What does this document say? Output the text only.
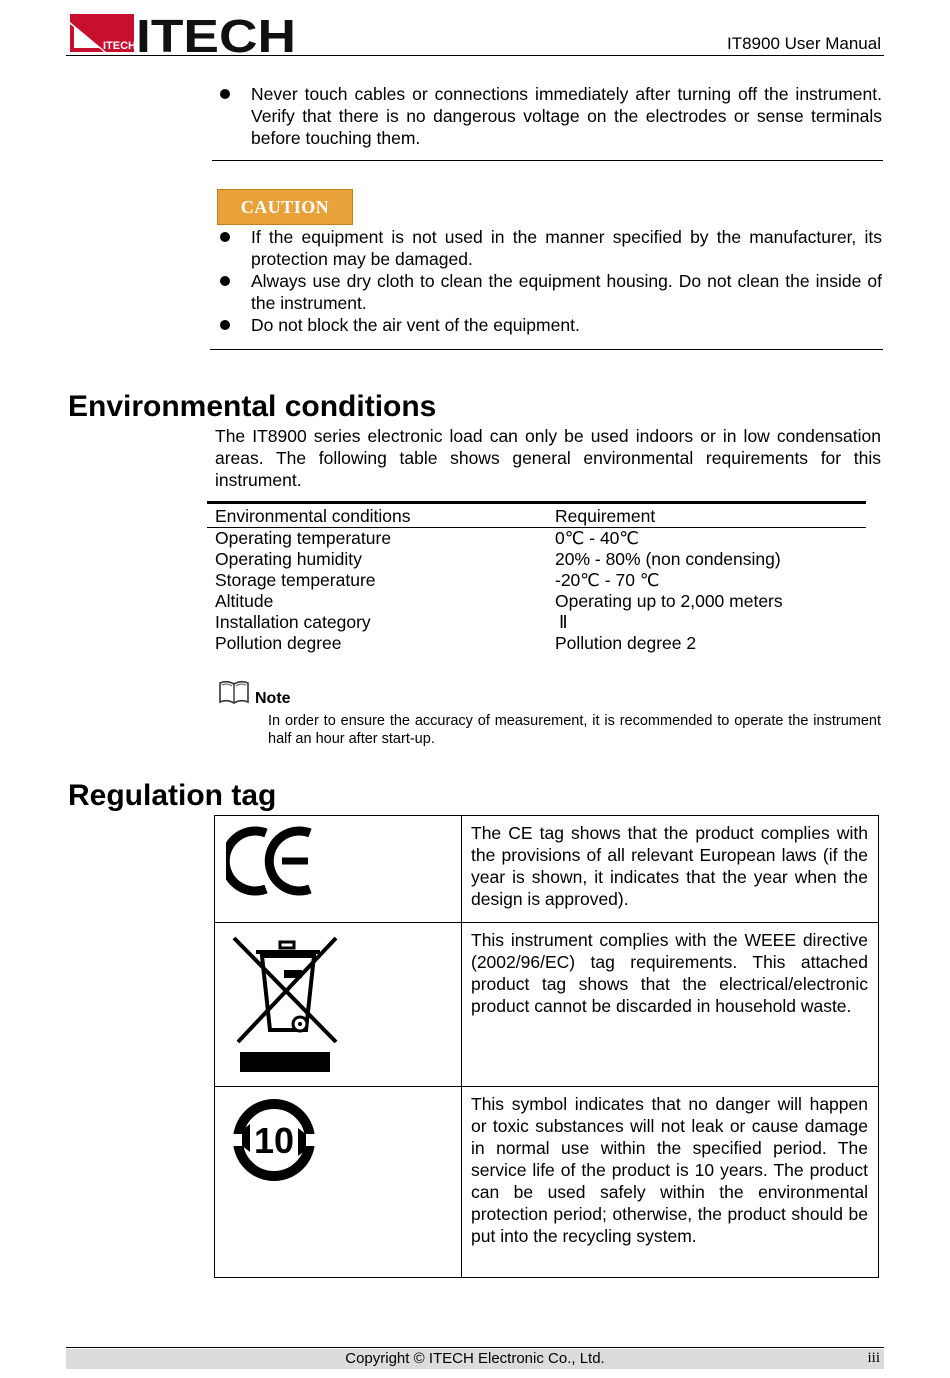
ITECH ITECH	IT8900 User Manual
Never touch cables or connections immediately after turning off the instrument. Verify that there is no dangerous voltage on the electrodes or sense terminals before touching them.
CAUTION
If the equipment is not used in the manner specified by the manufacturer, its protection may be damaged.
Always use dry cloth to clean the equipment housing. Do not clean the inside of the instrument.
Do not block the air vent of the equipment.
Environmental conditions
The IT8900 series electronic load can only be used indoors or in low condensation areas. The following table shows general environmental requirements for this instrument.
Environmental conditions	Requirement
Operating temperature	0℃ - 40℃
Operating humidity	20% - 80% (non condensing)
Storage temperature	-20℃ - 70 ℃
Altitude	Operating up to 2,000 meters
Installation category	Ⅱ
Pollution degree	Pollution degree 2
Note
In order to ensure the accuracy of measurement, it is recommended to operate the instrument half an hour after start-up.
Regulation tag
	The CE tag shows that the product complies with the provisions of all relevant European laws (if the year is shown, it indicates that the year when the design is approved).
	This instrument complies with the WEEE directive (2002/96/EC) tag requirements. This attached product tag shows that the electrical/electronic product cannot be discarded in household waste.

10	This symbol indicates that no danger will happen or toxic substances will not leak or cause damage in normal use within the specified period. The service life of the product is 10 years. The product can be used safely within the environmental protection period; otherwise, the product should be put into the recycling system.
Copyright © ITECH Electronic Co., Ltd.	iii
